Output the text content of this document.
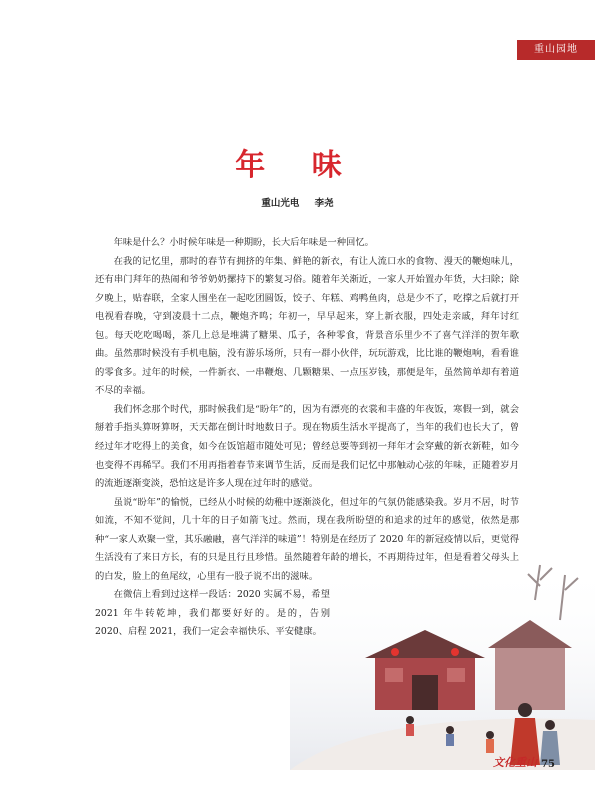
重山园地
年 味
重山光电 李尧

年味是什么？小时候年味是一种期盼，长大后年味是一种回忆。

在我的记忆里，那时的春节有拥挤的年集、鲜艳的新衣，有让人流口水的食物、漫天的鞭炮味儿，还有串门拜年的热闹和爷爷奶奶摞持下的繁复习俗。随着年关渐近，一家人开始置办年货，大扫除；除夕晚上，贴春联，全家人围坐在一起吃团圆饭，饺子、年糕、鸡鸭鱼肉，总是少不了，吃撑之后就打开电视看春晚，守到凌晨十二点，鞭炮齐鸣；年初一，早早起来，穿上新衣服，四处走亲戚，拜年讨红包。每天吃吃喝喝，茶几上总是堆满了糖果、瓜子，各种零食，背景音乐里少不了喜气洋洋的贺年歌曲。虽然那时候没有手机电脑，没有游乐场所，只有一群小伙伴，玩玩游戏，比比谁的鞭炮响，看看谁的零食多。过年的时候，一件新衣、一串鞭炮、几颗糖果、一点压岁钱，那便是年，虽然简单却有着道不尽的幸福。

我们怀念那个时代，那时候我们是“盼年”的，因为有漂亮的衣裳和丰盛的年夜饭，寒假一到，就会掰着手指头算呀算呀，天天都在倒计时地数日子。现在物质生活水平提高了，当年的我们也长大了，曾经过年才吃得上的美食，如今在饭馆超市随处可见；曾经总要等到初一拜年才会穿戴的新衣新鞋，如今也变得不再稀罕。我们不用再指着春节来调节生活，反而是我们记忆中那触动心弦的年味，正随着岁月的流逝逐渐变淡，恐怕这是许多人现在过年时的感觉。

虽说“盼年”的愉悦，已经从小时候的幼稚中逐渐淡化，但过年的气氛仍能感染我。岁月不居，时节如流，不知不觉间，几十年的日子如箭飞过。然而，现在我所盼望的和追求的过年的感觉，依然是那种“一家人欢聚一堂，其乐融融，喜气洋洋的味道”！特别是在经历了 2020 年的新冠疫情以后，更觉得生活没有了来日方长，有的只是且行且珍惜。虽然随着年龄的增长，不再期待过年，但是看着父母头上的白发，脸上的鱼尾纹，心里有一股子说不出的滋味。

在微信上看到过这样一段话：2020 实属不易，希望 2021 年牛转乾坤，我们都要好好的。是的，告别 2020、启程 2021，我们一定会幸福快乐、平安健康。

文化重山 75
